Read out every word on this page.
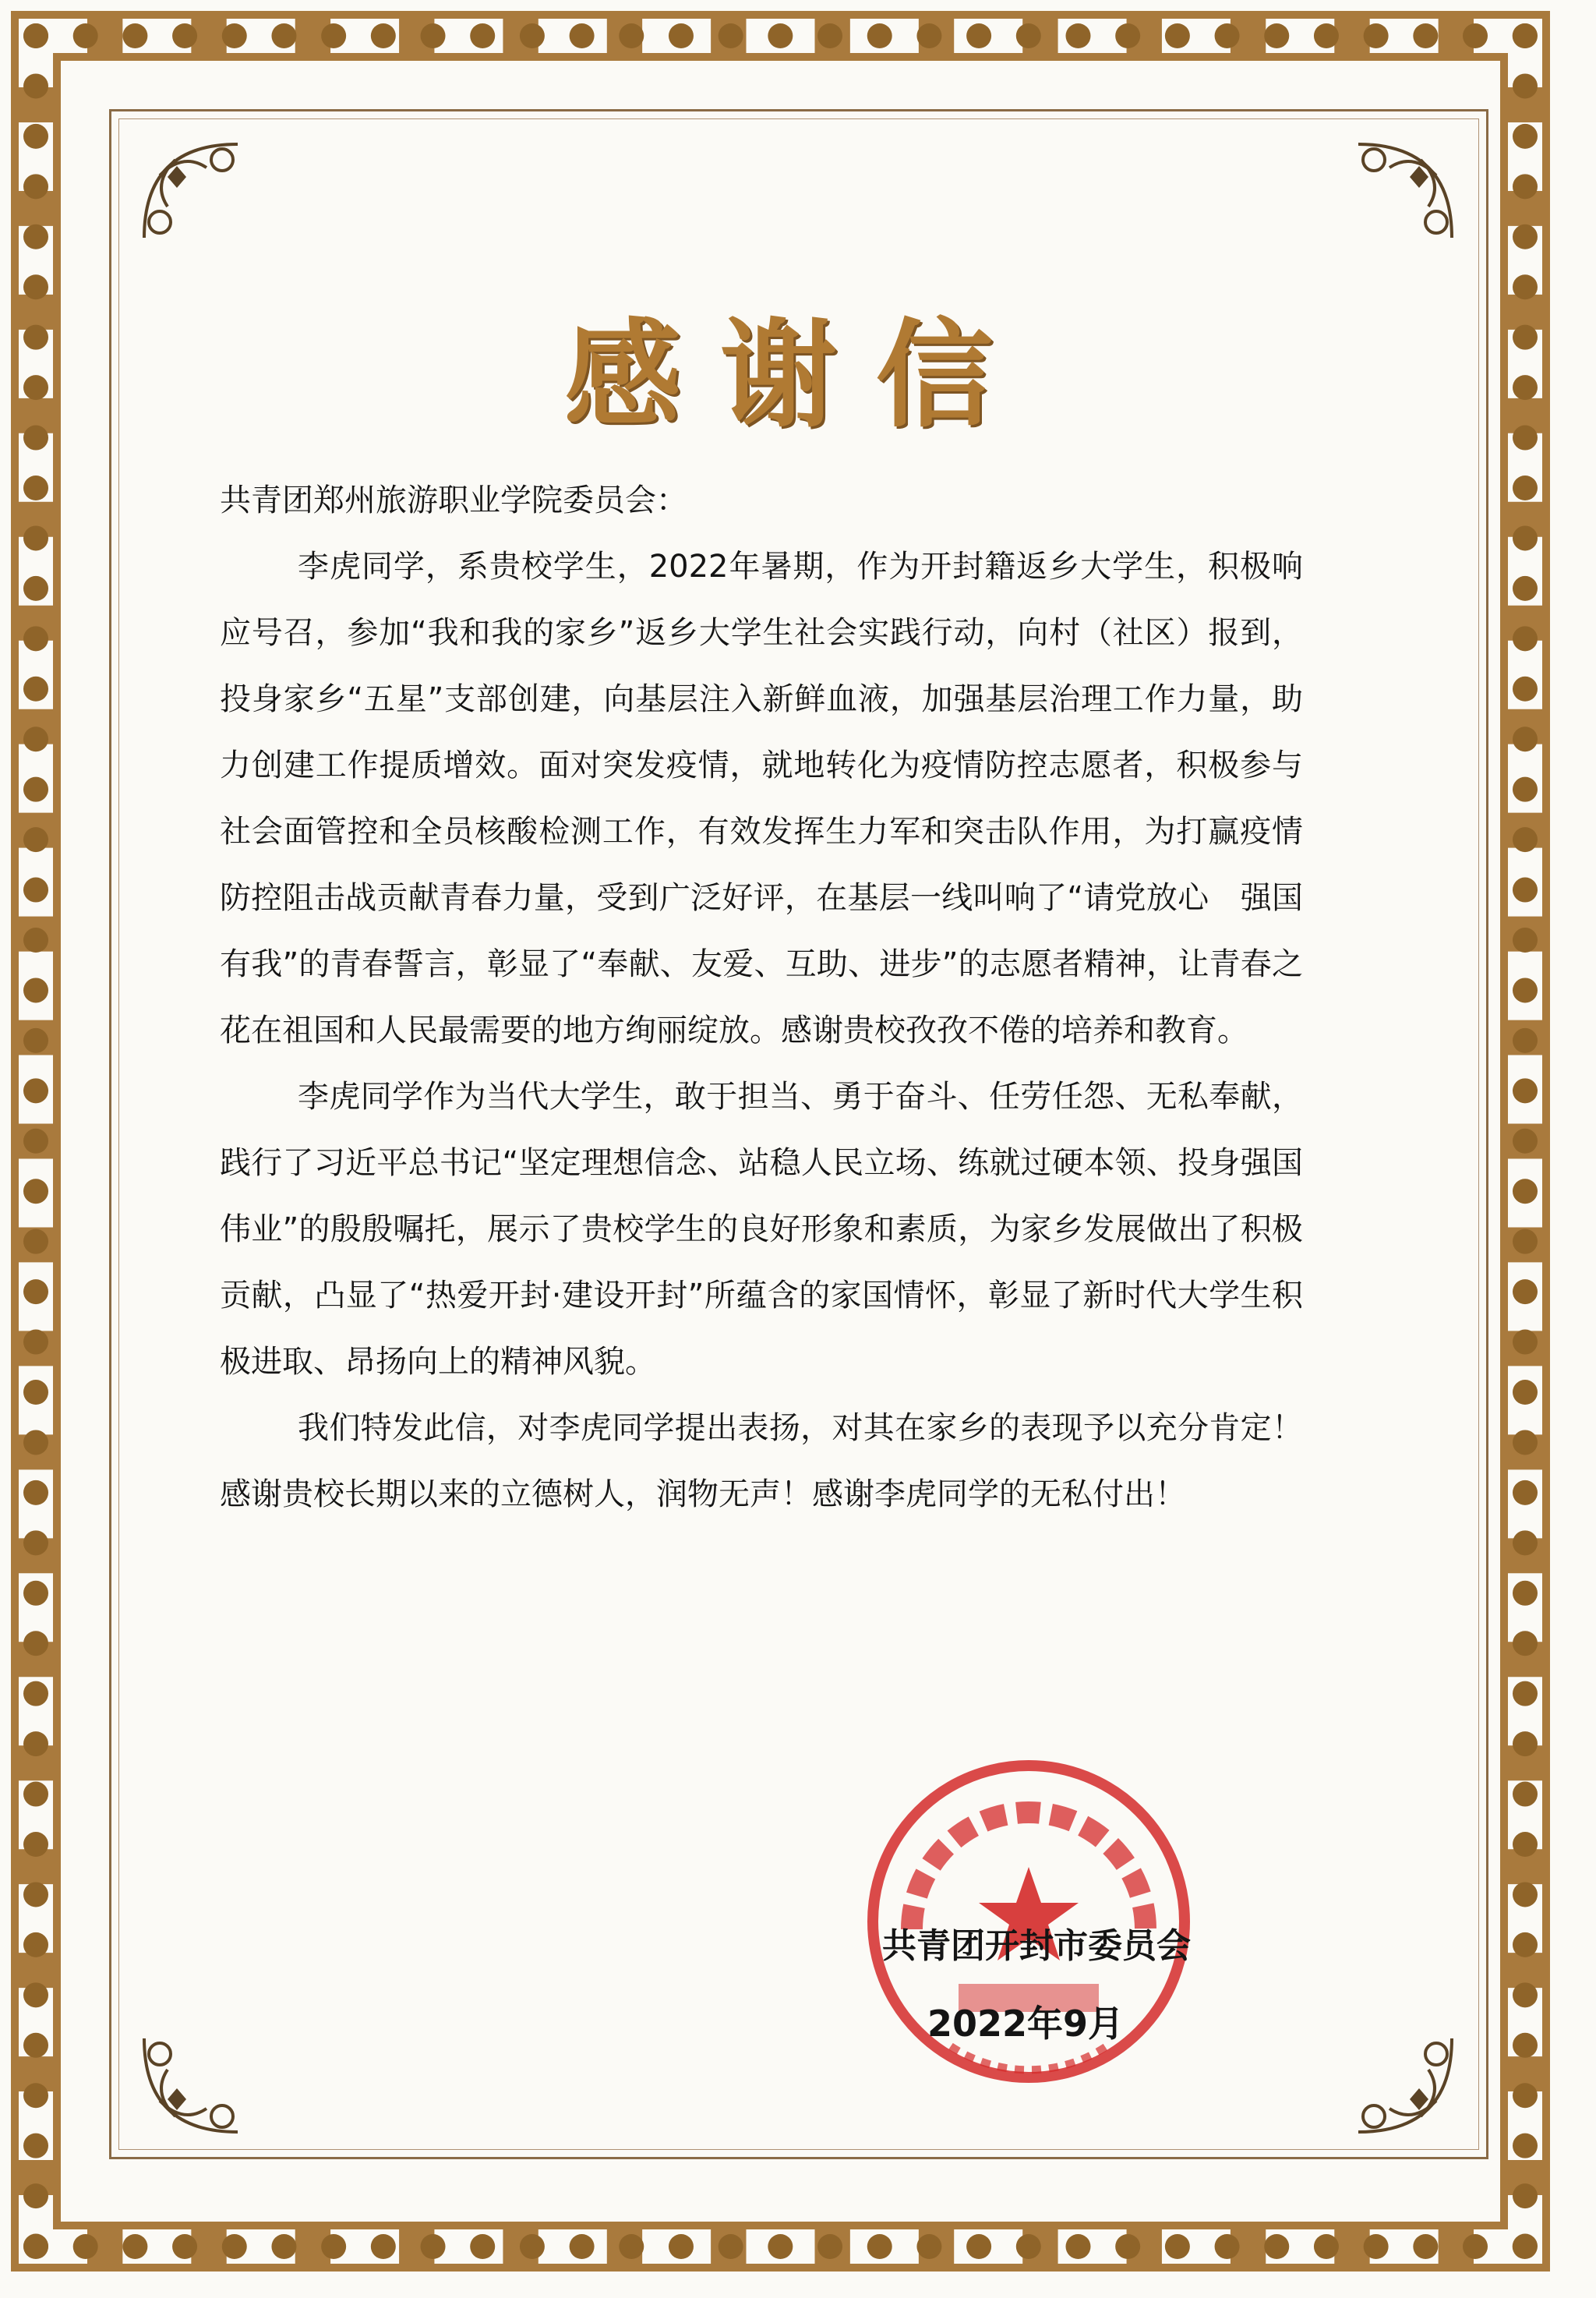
感谢信

共青团郑州旅游职业学院委员会：

李虎同学，系贵校学生，2022年暑期，作为开封籍返乡大学生，积极响应号召，参加“我和我的家乡”返乡大学生社会实践行动，向村（社区）报到，投身家乡“五星”支部创建，向基层注入新鲜血液，加强基层治理工作力量，助力创建工作提质增效。面对突发疫情，就地转化为疫情防控志愿者，积极参与社会面管控和全员核酸检测工作，有效发挥生力军和突击队作用，为打赢疫情防控阻击战贡献青春力量，受到广泛好评，在基层一线叫响了“请党放心　强国有我”的青春誓言，彰显了“奉献、友爱、互助、进步”的志愿者精神，让青春之花在祖国和人民最需要的地方绚丽绽放。感谢贵校孜孜不倦的培养和教育。

李虎同学作为当代大学生，敢于担当、勇于奋斗、任劳任怨、无私奉献，践行了习近平总书记“坚定理想信念、站稳人民立场、练就过硬本领、投身强国伟业”的殷殷嘱托，展示了贵校学生的良好形象和素质，为家乡发展做出了积极贡献，凸显了“热爱开封·建设开封”所蕴含的家国情怀，彰显了新时代大学生积极进取、昂扬向上的精神风貌。

我们特发此信，对李虎同学提出表扬，对其在家乡的表现予以充分肯定！感谢贵校长期以来的立德树人，润物无声！感谢李虎同学的无私付出！

共青团开封市委员会
2022年9月
